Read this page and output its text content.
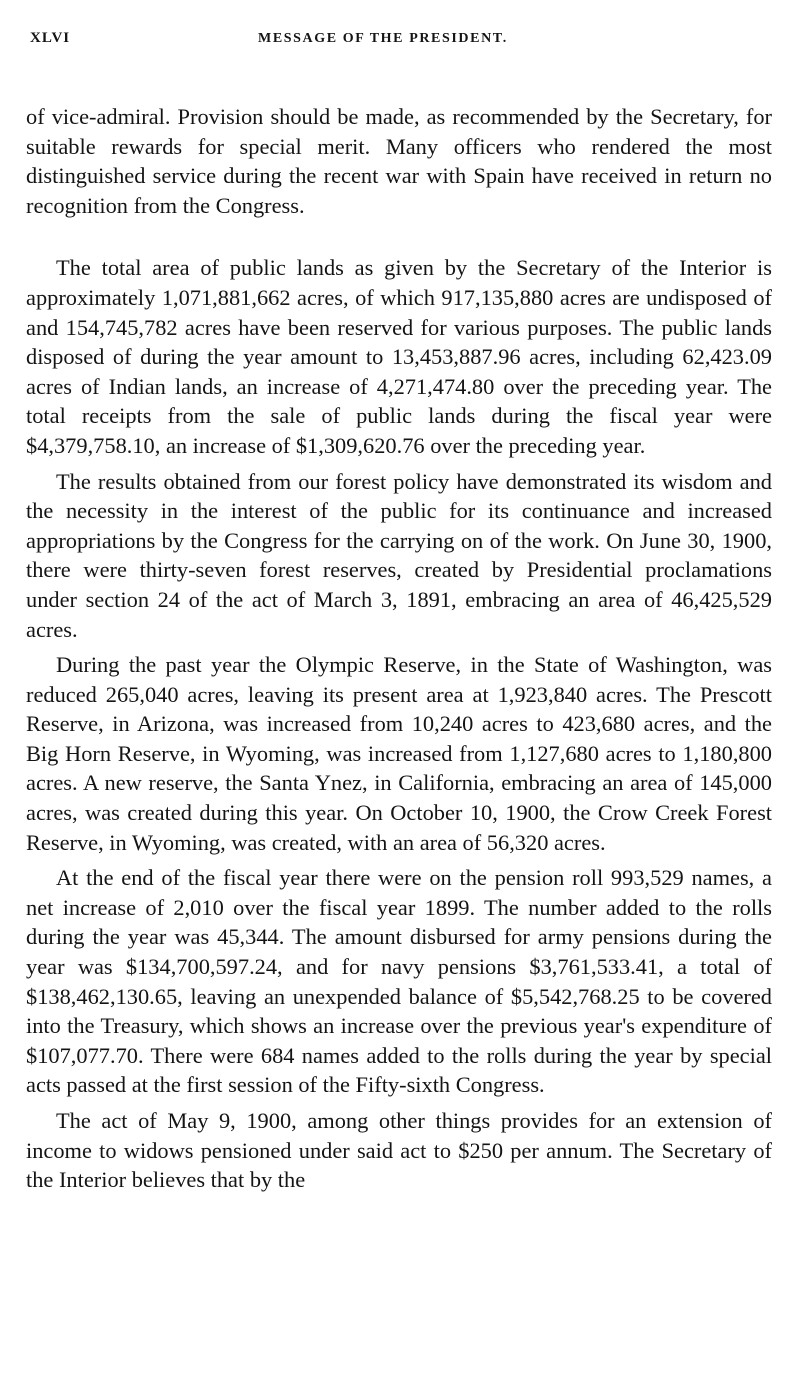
XLVI	MESSAGE OF THE PRESIDENT.

of vice-admiral. Provision should be made, as recommended by the Secretary, for suitable rewards for special merit. Many officers who rendered the most distinguished service during the recent war with Spain have received in return no recognition from the Congress.

The total area of public lands as given by the Secretary of the Interior is approximately 1,071,881,662 acres, of which 917,135,880 acres are undisposed of and 154,745,782 acres have been reserved for various purposes. The public lands disposed of during the year amount to 13,453,887.96 acres, including 62,423.09 acres of Indian lands, an increase of 4,271,474.80 over the preceding year. The total receipts from the sale of public lands during the fiscal year were $4,379,758.10, an increase of $1,309,620.76 over the preceding year.

The results obtained from our forest policy have demonstrated its wisdom and the necessity in the interest of the public for its continuance and increased appropriations by the Congress for the carrying on of the work. On June 30, 1900, there were thirty-seven forest reserves, created by Presidential proclamations under section 24 of the act of March 3, 1891, embracing an area of 46,425,529 acres.

During the past year the Olympic Reserve, in the State of Washington, was reduced 265,040 acres, leaving its present area at 1,923,840 acres. The Prescott Reserve, in Arizona, was increased from 10,240 acres to 423,680 acres, and the Big Horn Reserve, in Wyoming, was increased from 1,127,680 acres to 1,180,800 acres. A new reserve, the Santa Ynez, in California, embracing an area of 145,000 acres, was created during this year. On October 10, 1900, the Crow Creek Forest Reserve, in Wyoming, was created, with an area of 56,320 acres.

At the end of the fiscal year there were on the pension roll 993,529 names, a net increase of 2,010 over the fiscal year 1899. The number added to the rolls during the year was 45,344. The amount disbursed for army pensions during the year was $134,700,597.24, and for navy pensions $3,761,533.41, a total of $138,462,130.65, leaving an unexpended balance of $5,542,768.25 to be covered into the Treasury, which shows an increase over the previous year's expenditure of $107,077.70. There were 684 names added to the rolls during the year by special acts passed at the first session of the Fifty-sixth Congress.

The act of May 9, 1900, among other things provides for an extension of income to widows pensioned under said act to $250 per annum. The Secretary of the Interior believes that by the
